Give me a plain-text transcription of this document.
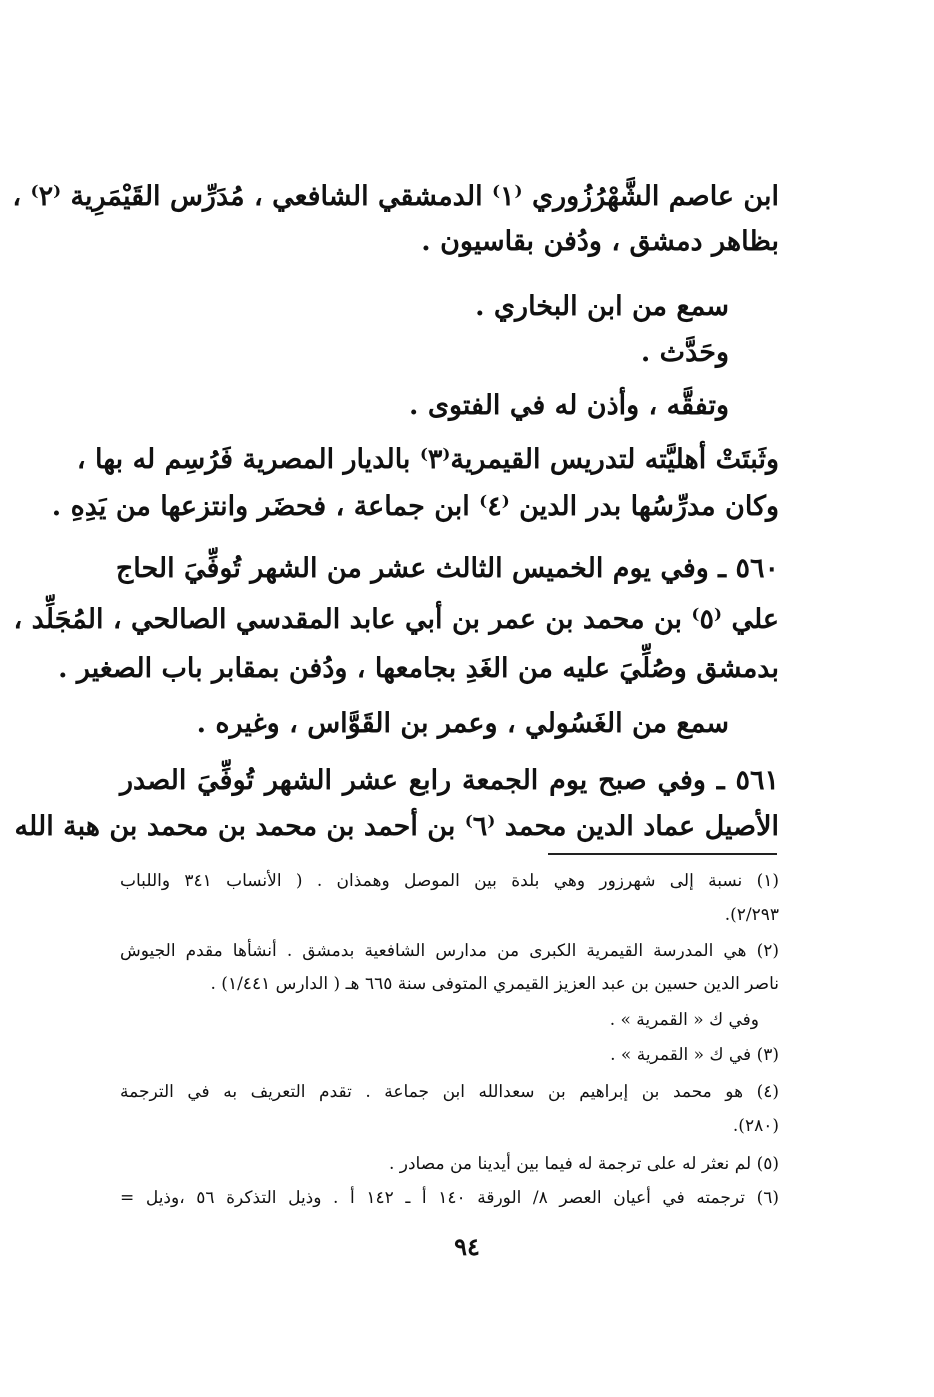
ابن عاصم الشَّهْرُزُوري ⁽١⁾ الدمشقي الشافعي ، مُدَرِّس القَيْمَرِية ⁽٢⁾ ،
بظاهر دمشق ، ودُفن بقاسيون .
سمع من ابن البخاري .
وحَدَّث .
وتفقَّه ، وأذن له في الفتوى .
وثَبتَتْ أهليَّته لتدريس القيمرية⁽٣⁾ بالديار المصرية فَرُسِم له بها ،
وكان مدرِّسُها بدر الدين ⁽٤⁾ ابن جماعة ، فحضَر وانتزعها من يَدِهِ .
٥٦٠ ـ وفي يوم الخميس الثالث عشر من الشهر تُوفِّيَ الحاج
علي ⁽٥⁾ بن محمد بن عمر بن أبي عابد المقدسي الصالحي ، المُجَلِّد ،
بدمشق وصُلِّيَ عليه من الغَدِ بجامعها ، ودُفن بمقابر باب الصغير .
سمع من الغَسُولي ، وعمر بن القَوَّاس ، وغيره .
٥٦١ ـ وفي صبح يوم الجمعة رابع عشر الشهر تُوفِّيَ الصدر
الأصيل عماد الدين محمد ⁽٦⁾ بن أحمد بن محمد بن محمد بن هبة الله
(١) نسبة إلى شهرزور وهي بلدة بين الموصل وهمذان . ( الأنساب ٣٤١ واللباب
٢/٢٩٣).
(٢) هي المدرسة القيمرية الكبرى من مدارس الشافعية بدمشق . أنشأها مقدم الجيوش
ناصر الدين حسين بن عبد العزيز القيمري المتوفى سنة ٦٦٥ هـ ( الدارس ١/٤٤١) .
وفي ك « القمرية » .
(٣) في ك « القمرية » .
(٤) هو محمد بن إبراهيم بن سعدالله ابن جماعة . تقدم التعريف به في الترجمة
(٢٨٠).
(٥) لم نعثر له على ترجمة له فيما بين أيدينا من مصادر .
(٦) ترجمته في أعيان العصر ٨/ الورقة ١٤٠ أ ـ ١٤٢ أ . وذيل التذكرة ٥٦ ،وذيل =
٩٤
